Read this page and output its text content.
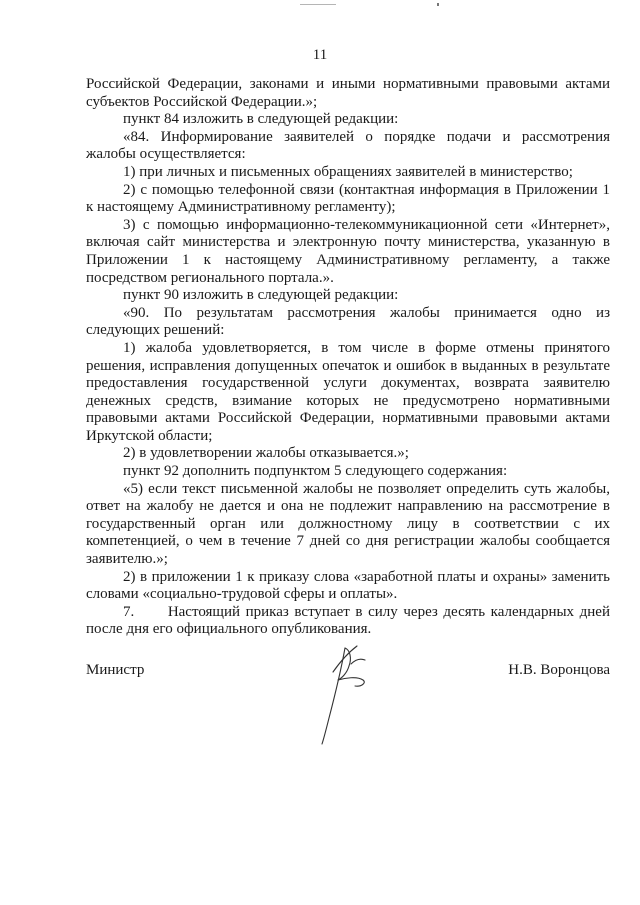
11

Российской Федерации, законами и иными нормативными правовыми актами субъектов Российской Федерации.»;

пункт 84 изложить в следующей редакции:

«84. Информирование заявителей о порядке подачи и рассмотрения жалобы осуществляется:

1) при личных и письменных обращениях заявителей в министерство;

2) с помощью телефонной связи (контактная информация в Приложении 1 к настоящему Административному регламенту);

3) с помощью информационно-телекоммуникационной сети «Интернет», включая сайт министерства и электронную почту министерства, указанную в Приложении 1 к настоящему Административному регламенту, а также посредством регионального портала.».

пункт 90 изложить в следующей редакции:

«90. По результатам рассмотрения жалобы принимается одно из следующих решений:

1) жалоба удовлетворяется, в том числе в форме отмены принятого решения, исправления допущенных опечаток и ошибок в выданных в результате предоставления государственной услуги документах, возврата заявителю денежных средств, взимание которых не предусмотрено нормативными правовыми актами Российской Федерации, нормативными правовыми актами Иркутской области;

2) в удовлетворении жалобы отказывается.»;

пункт 92 дополнить подпунктом 5 следующего содержания:

«5) если текст письменной жалобы не позволяет определить суть жалобы, ответ на жалобу не дается и она не подлежит направлению на рассмотрение в государственный орган или должностному лицу в соответствии с их компетенцией, о чем в течение 7 дней со дня регистрации жалобы сообщается заявителю.»;

2) в приложении 1 к приказу слова «заработной платы и охраны» заменить словами «социально-трудовой сферы и оплаты».

7.      Настоящий приказ вступает в силу через десять календарных дней после дня его официального опубликования.

Министр	Н.В. Воронцова
